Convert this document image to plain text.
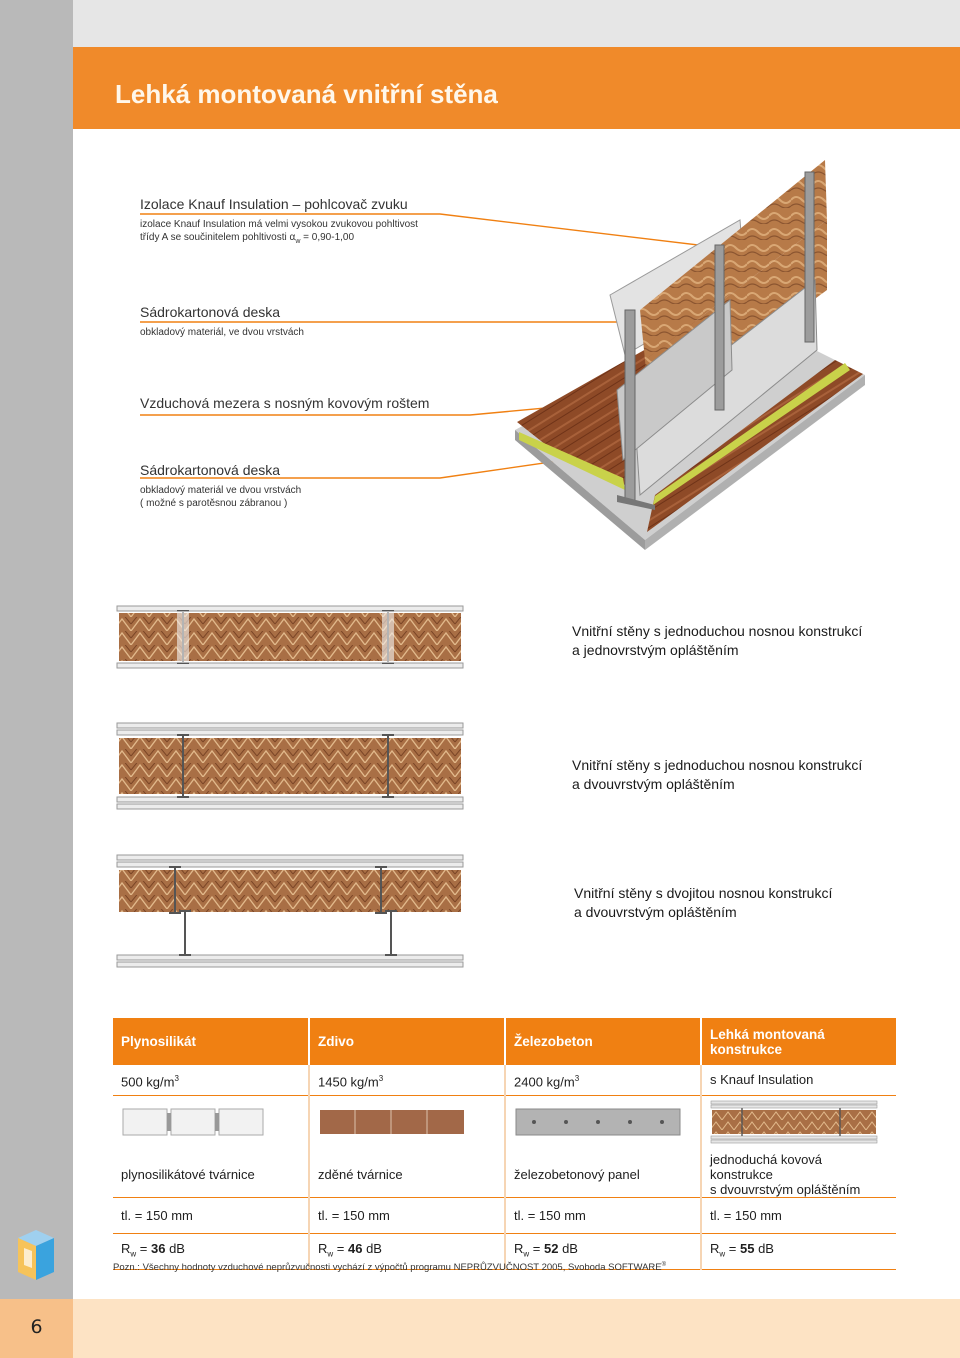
Lehká montovaná vnitřní stěna
Izolace Knauf Insulation – pohlcovač zvuku
izolace Knauf Insulation má velmi vysokou zvukovou pohltivost
třídy A se součinitelem pohltivosti $\alpha_w = 0,90-1,00$
Sádrokartonová deska
obkladový materiál, ve dvou vrstvách
Vzduchová mezera s nosným kovovým roštem
Sádrokartonová deska
obkladový materiál ve dvou vrstvách
( možné s parotěsnou zábranou )
Vnitřní stěny s jednoduchou nosnou konstrukcí
a jednovrstvým opláštěním
Vnitřní stěny s jednoduchou nosnou konstrukcí
a dvouvrstvým opláštěním
Vnitřní stěny s dvojitou nosnou konstrukcí
a dvouvrstvým opláštěním
Plynosilikát	Zdivo	Železobeton	Lehká montovaná konstrukce
500 $kg/m^3$	1450 $kg/m^3$	2400 $kg/m^3$	s Knauf Insulation

plynosilikátové tvárnice	zděné tvárnice	železobetonový panel	jednoduchá kovová konstrukce
s dvouvrstvým opláštěním

tl. = 150 mm	tl. = 150 mm	tl. = 150 mm	tl. = 150 mm
$R_w = 36$ dB	$R_w = 46$ dB	$R_w = 52$ dB	$R_w = 55$ dB
Pozn.: Všechny hodnoty vzduchové neprůzvučnosti vychází z výpočtů programu NEPRŮZVUČNOST 2005, Svoboda SOFTWARE®
6
